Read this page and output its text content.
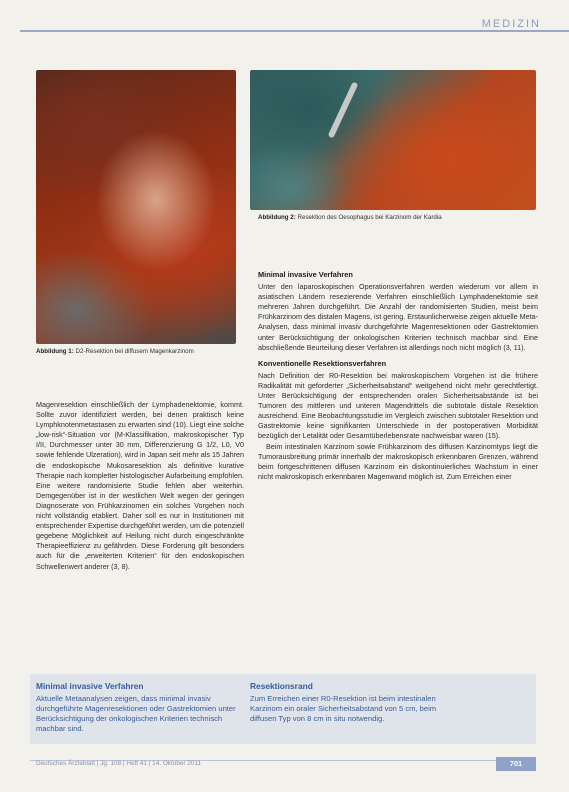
MEDIZIN
Abbildung 1: D2-Resektion bei diffusem Magenkarzinom
Abbildung 2: Resektion des Oesophagus bei Karzinom der Kardia

Magenresektion einschließlich der Lymphadenektomie, kommt. Sollte zuvor identifiziert werden, bei denen praktisch keine Lymphknotenmetastasen zu erwarten sind (10). Liegt eine solche „low-risk“-Situation vor (M-Klassifikation, makroskopischer Typ I/II, Durchmesser unter 30 mm, Differenzierung G 1/2, L0, V0 sowie fehlende Ulzeration), wird in Japan seit mehr als 15 Jahren die endoskopische Mukosaresektion als definitive kurative Therapie nach kompletter histologischer Aufarbeitung empfohlen. Eine weitere randomisierte Studie fehlen aber weiterhin. Demgegenüber ist in der westlichen Welt wegen der geringen Diagnoserate von Frühkarzinomen ein solches Vorgehen noch nicht vollständig etabliert. Daher soll es nur in Institutionen mit entsprechender Expertise durchgeführt werden, um die potenziell gegebene Möglichkeit auf Heilung nicht durch eingeschränkte Therapieeffizienz zu gefährden. Diese Forderung gilt besonders auch für die „erweiterten Kriterien“ für den endoskopischen Schwellenwert anderer (3, 8).

Minimal invasive Verfahren

Unter den laparoskopischen Operationsverfahren werden wiederum vor allem in asiatischen Ländern resezierende Verfahren einschließlich Lymphadenektomie seit mehreren Jahren durchgeführt. Die Anzahl der randomisierten Studien, meist beim Frühkarzinom des distalen Magens, ist gering. Erstaunlicherweise zeigen aktuelle Meta-Analysen, dass minimal invasiv durchgeführte Magenresektionen oder Gastrektomien unter Berücksichtigung der onkologischen Kriterien technisch machbar sind. Eine abschließende Beurteilung dieser Verfahren ist allerdings noch nicht möglich (3, 11).

Konventionelle Resektionsverfahren

Nach Definition der R0-Resektion bei makroskopischem Vorgehen ist die frühere Radikalität mit geforderter „Sicherheitsabstand“ weitgehend nicht mehr gerechtfertigt. Unter Berücksichtigung der entsprechenden oralen Sicherheitsabstände ist bei Tumoren des mittleren und unteren Magendrittels die subtotale distale Resektion ausreichend. Eine Beobachtungsstudie im Vergleich zwischen subtotaler Resektion und Gastrektomie keine signifikanten Unterschiede in der postoperativen Morbidität bezüglich der Letalität oder Gesamtüberlebensrate nachweisbar waren (15).

Beim intestinalen Karzinom sowie Frühkarzinom des diffusen Karzinomtyps liegt die Tumorausbreitung primär innerhalb der makroskopisch erkennbaren Grenzen, während beim fortgeschrittenen diffusen Karzinom ein diskontinuierliches Wachstum in einer nicht makroskopisch erkennbaren Magenwand möglich ist. Zum Erreichen einer

Minimal invasive Verfahren
Aktuelle Metaanalysen zeigen, dass minimal invasiv durchgeführte Magenresektionen oder Gastrektomien unter Berücksichtigung der onkologischen Kriterien technisch machbar sind.
Resektionsrand
Zum Erreichen einer R0-Resektion ist beim intestinalen Karzinom ein oraler Sicherheitsabstand von 5 cm, beim diffusen Typ von 8 cm in situ notwendig.
Deutsches Ärzteblatt | Jg. 108 | Heft 41 | 14. Oktober 2011	701
